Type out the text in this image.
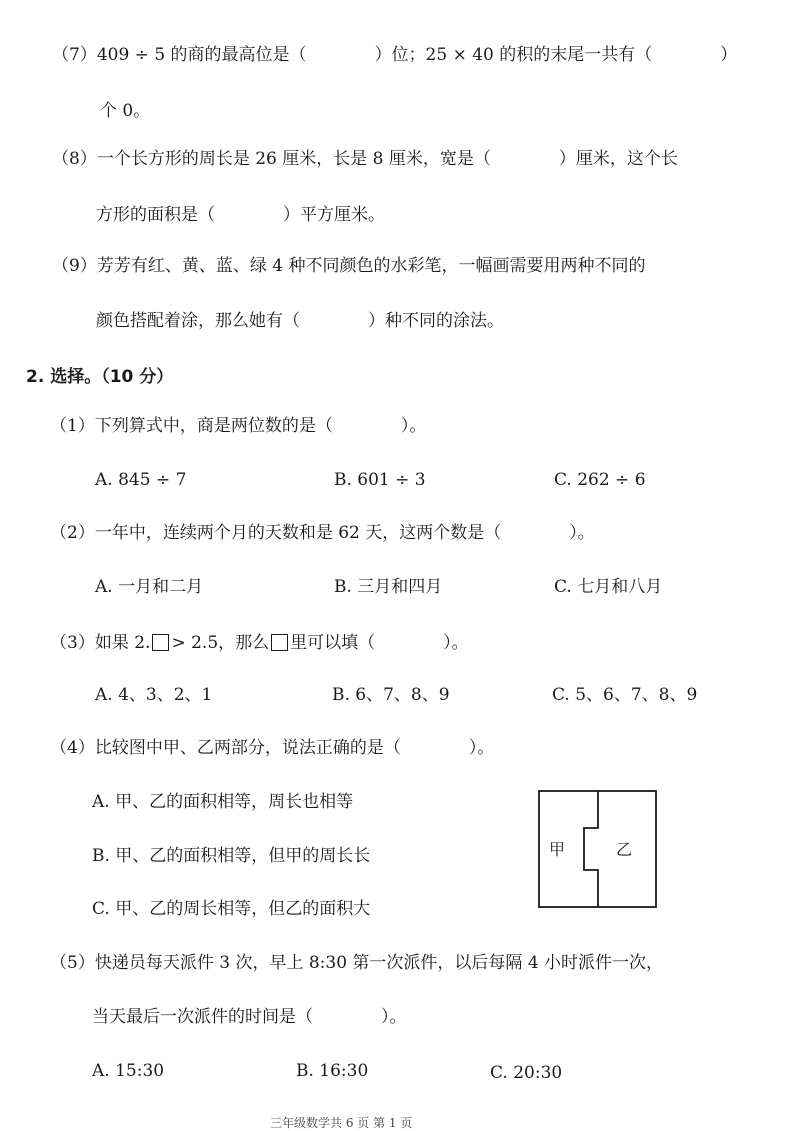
（7）409 ÷ 5 的商的最高位是（	）位；25 × 40 的积的末尾一共有（	）
个 0。
（8）一个长方形的周长是 26 厘米，长是 8 厘米，宽是（	）厘米，这个长
方形的面积是（	）平方厘米。
（9）芳芳有红、黄、蓝、绿 4 种不同颜色的水彩笔，一幅画需要用两种不同的
颜色搭配着涂，那么她有（	）种不同的涂法。
2. 选择。（10 分）
（1）下列算式中，商是两位数的是（	）。
A. 845 ÷ 7	B. 601 ÷ 3	C. 262 ÷ 6
（2）一年中，连续两个月的天数和是 62 天，这两个数是（	）。
A. 一月和二月	B. 三月和四月	C. 七月和八月
（3）如果 2. > 2.5，那么 里可以填（	）。
A. 4、3、2、1	B. 6、7、8、9	C. 5、6、7、8、9
（4）比较图中甲、乙两部分，说法正确的是（	）。
A. 甲、乙的面积相等，周长也相等
B. 甲、乙的面积相等，但甲的周长长
C. 甲、乙的周长相等，但乙的面积大
甲	乙
（5）快递员每天派件 3 次，早上 8:30 第一次派件，以后每隔 4 小时派件一次，
当天最后一次派件的时间是（	）。
A. 15:30	B. 16:30	C. 20:30
三年级数学共 6 页 第 1 页
